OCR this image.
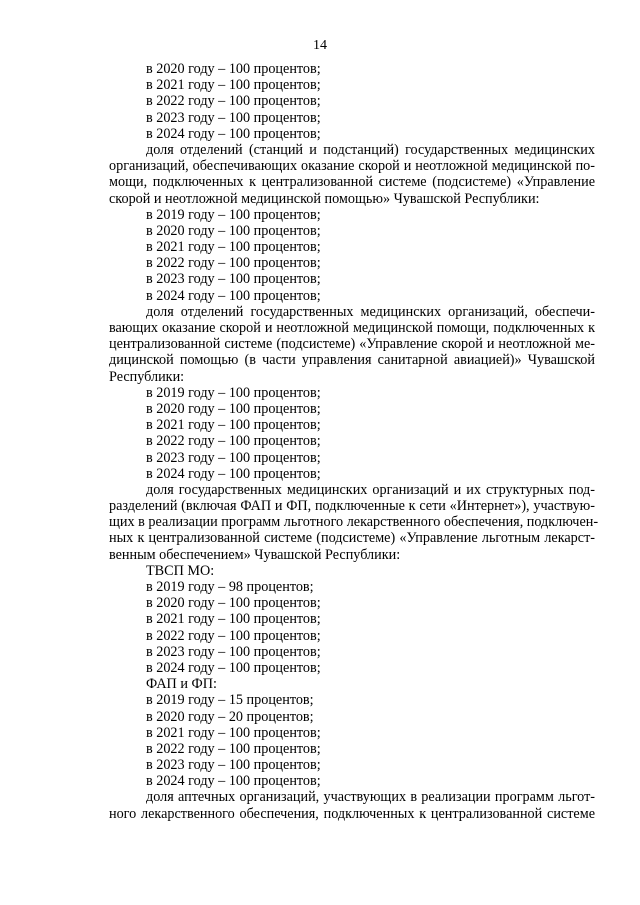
14
в 2020 году – 100 процентов;
в 2021 году – 100 процентов;
в 2022 году – 100 процентов;
в 2023 году – 100 процентов;
в 2024 году – 100 процентов;
доля отделений (станций и подстанций) государственных медицинских
организаций, обеспечивающих оказание скорой и неотложной медицинской по-
мощи, подключенных к централизованной системе (подсистеме) «Управление
скорой и неотложной медицинской помощью» Чувашской Республики:
в 2019 году – 100 процентов;
в 2020 году – 100 процентов;
в 2021 году – 100 процентов;
в 2022 году – 100 процентов;
в 2023 году – 100 процентов;
в 2024 году – 100 процентов;
доля отделений государственных медицинских организаций, обеспечи-
вающих оказание скорой и неотложной медицинской помощи, подключенных к
централизованной системе (подсистеме) «Управление скорой и неотложной ме-
дицинской помощью (в части управления санитарной авиацией)» Чувашской
Республики:
в 2019 году – 100 процентов;
в 2020 году – 100 процентов;
в 2021 году – 100 процентов;
в 2022 году – 100 процентов;
в 2023 году – 100 процентов;
в 2024 году – 100 процентов;
доля государственных медицинских организаций и их структурных под-
разделений (включая ФАП и ФП, подключенные к сети «Интернет»), участвую-
щих в реализации программ льготного лекарственного обеспечения, подключен-
ных к централизованной системе (подсистеме) «Управление льготным лекарст-
венным обеспечением» Чувашской Республики:
ТВСП МО:
в 2019 году – 98 процентов;
в 2020 году – 100 процентов;
в 2021 году – 100 процентов;
в 2022 году – 100 процентов;
в 2023 году – 100 процентов;
в 2024 году – 100 процентов;
ФАП и ФП:
в 2019 году – 15 процентов;
в 2020 году – 20 процентов;
в 2021 году – 100 процентов;
в 2022 году – 100 процентов;
в 2023 году – 100 процентов;
в 2024 году – 100 процентов;
доля аптечных организаций, участвующих в реализации программ льгот-
ного лекарственного обеспечения, подключенных к централизованной системе
